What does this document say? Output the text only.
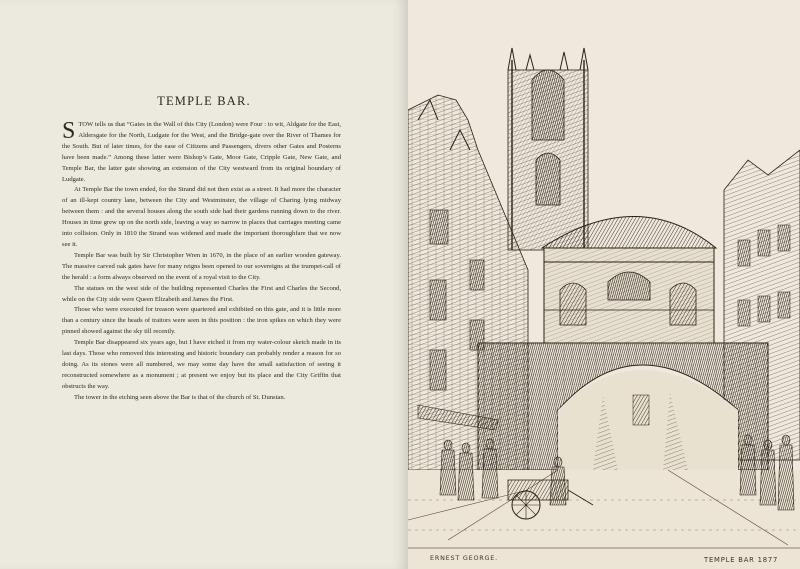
TEMPLE BAR.

STOW tells us that “Gates in the Wall of this City (London) were Four : to wit, Aldgate for the East, Aldersgate for the North, Ludgate for the West, and the Bridge-gate over the River of Thames for the South. But of later times, for the ease of Citizens and Passengers, divers other Gates and Posterns have been made.” Among these latter were Bishop’s Gate, Moor Gate, Cripple Gate, New Gate, and Temple Bar, the latter gate showing an extension of the City westward from its original boundary of Ludgate.

At Temple Bar the town ended, for the Strand did not then exist as a street. It had more the character of an ill-kept country lane, between the City and Westminster, the village of Charing lying midway between them : and the several houses along the south side had their gardens running down to the river. Houses in time grew up on the north side, leaving a way so narrow in places that carriages meeting came into collision. Only in 1810 the Strand was widened and made the important thoroughfare that we now see it.

Temple Bar was built by Sir Christopher Wren in 1670, in the place of an earlier wooden gateway. The massive carved oak gates have for many reigns been opened to our sovereigns at the trumpet-call of the herald : a form always observed on the event of a royal visit to the City.

The statues on the west side of the building represented Charles the First and Charles the Second, while on the City side were Queen Elizabeth and James the First.

Those who were executed for treason were quartered and exhibited on this gate, and it is little more than a century since the heads of traitors were seen in this position : the iron spikes on which they were pinned showed against the sky till recently.

Temple Bar disappeared six years ago, but I have etched it from my water-colour sketch made in its last days. Those who removed this interesting and historic boundary can probably render a reason for so doing. As its stones were all numbered, we may some day have the small satisfaction of seeing it reconstructed somewhere as a monument ; at present we enjoy but its place and the City Griffin that obstructs the way.

The tower in the etching seen above the Bar is that of the church of St. Dunstan.

ERNEST GEORGE.	TEMPLE BAR 1877
